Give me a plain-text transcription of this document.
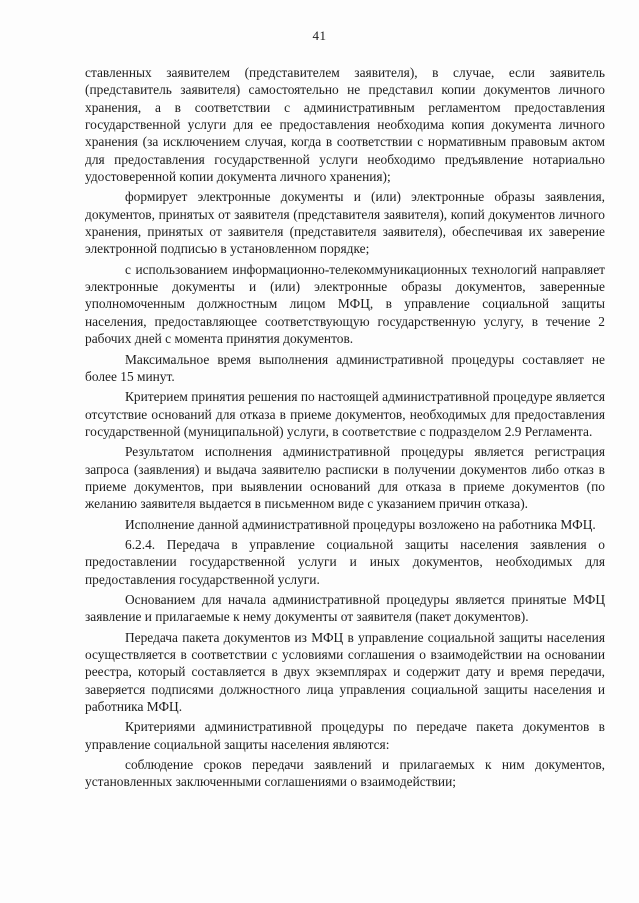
41

ставленных заявителем (представителем заявителя), в случае, если заявитель (представитель заявителя) самостоятельно не представил копии документов личного хранения, а в соответствии с административным регламентом предоставления государственной услуги для ее предоставления необходима копия документа личного хранения (за исключением случая, когда в соответствии с нормативным правовым актом для предоставления государственной услуги необходимо предъявление нотариально удостоверенной копии документа личного хранения);

формирует электронные документы и (или) электронные образы заявления, документов, принятых от заявителя (представителя заявителя), копий документов личного хранения, принятых от заявителя (представителя заявителя), обеспечивая их заверение электронной подписью в установленном порядке;

с использованием информационно-телекоммуникационных технологий направляет электронные документы и (или) электронные образы документов, заверенные уполномоченным должностным лицом МФЦ, в управление социальной защиты населения, предоставляющее соответствующую государственную услугу, в течение 2 рабочих дней с момента принятия документов.

Максимальное время выполнения административной процедуры составляет не более 15 минут.

Критерием принятия решения по настоящей административной процедуре является отсутствие оснований для отказа в приеме документов, необходимых для предоставления государственной (муниципальной) услуги, в соответствие с подразделом 2.9 Регламента.

Результатом исполнения административной процедуры является регистрация запроса (заявления) и выдача заявителю расписки в получении документов либо отказ в приеме документов, при выявлении оснований для отказа в приеме документов (по желанию заявителя выдается в письменном виде с указанием причин отказа).

Исполнение данной административной процедуры возложено на работника МФЦ.

6.2.4. Передача в управление социальной защиты населения заявления о предоставлении государственной услуги и иных документов, необходимых для предоставления государственной услуги.

Основанием для начала административной процедуры является принятые МФЦ заявление и прилагаемые к нему документы от заявителя (пакет документов).

Передача пакета документов из МФЦ в управление социальной защиты населения осуществляется в соответствии с условиями соглашения о взаимодействии на основании реестра, который составляется в двух экземплярах и содержит дату и время передачи, заверяется подписями должностного лица управления социальной защиты населения и работника МФЦ.

Критериями административной процедуры по передаче пакета документов в управление социальной защиты населения являются:

соблюдение сроков передачи заявлений и прилагаемых к ним документов, установленных заключенными соглашениями о взаимодействии;
